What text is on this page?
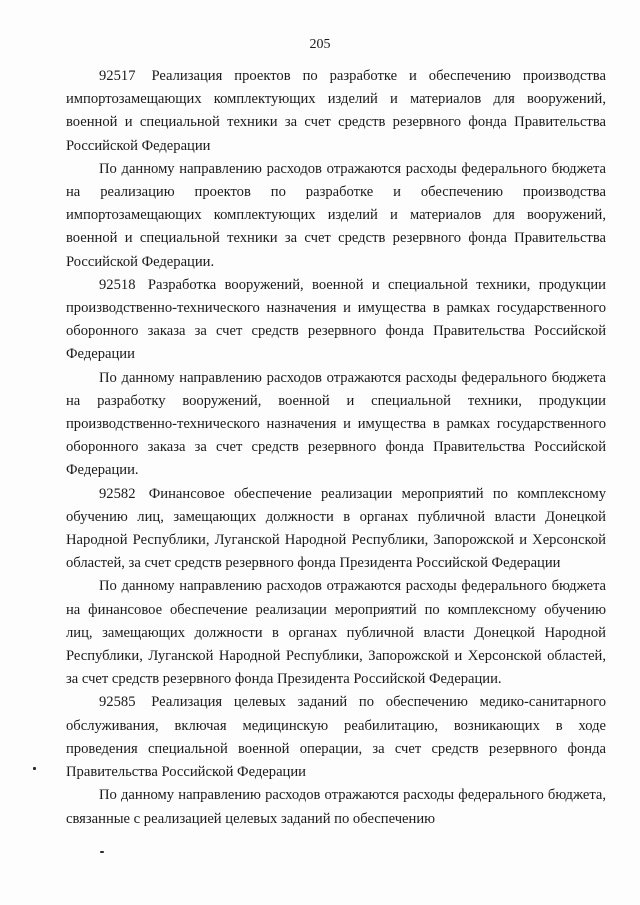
205

92517 Реализация проектов по разработке и обеспечению производства импортозамещающих комплектующих изделий и материалов для вооружений, военной и специальной техники за счет средств резервного фонда Правительства Российской Федерации

По данному направлению расходов отражаются расходы федерального бюджета на реализацию проектов по разработке и обеспечению производства импортозамещающих комплектующих изделий и материалов для вооружений, военной и специальной техники за счет средств резервного фонда Правительства Российской Федерации.

92518 Разработка вооружений, военной и специальной техники, продукции производственно-технического назначения и имущества в рамках государственного оборонного заказа за счет средств резервного фонда Правительства Российской Федерации

По данному направлению расходов отражаются расходы федерального бюджета на разработку вооружений, военной и специальной техники, продукции производственно-технического назначения и имущества в рамках государственного оборонного заказа за счет средств резервного фонда Правительства Российской Федерации.

92582 Финансовое обеспечение реализации мероприятий по комплексному обучению лиц, замещающих должности в органах публичной власти Донецкой Народной Республики, Луганской Народной Республики, Запорожской и Херсонской областей, за счет средств резервного фонда Президента Российской Федерации

По данному направлению расходов отражаются расходы федерального бюджета на финансовое обеспечение реализации мероприятий по комплексному обучению лиц, замещающих должности в органах публичной власти Донецкой Народной Республики, Луганской Народной Республики, Запорожской и Херсонской областей, за счет средств резервного фонда Президента Российской Федерации.

92585 Реализация целевых заданий по обеспечению медико-санитарного обслуживания, включая медицинскую реабилитацию, возникающих в ходе проведения специальной военной операции, за счет средств резервного фонда Правительства Российской Федерации

По данному направлению расходов отражаются расходы федерального бюджета, связанные с реализацией целевых заданий по обеспечению
